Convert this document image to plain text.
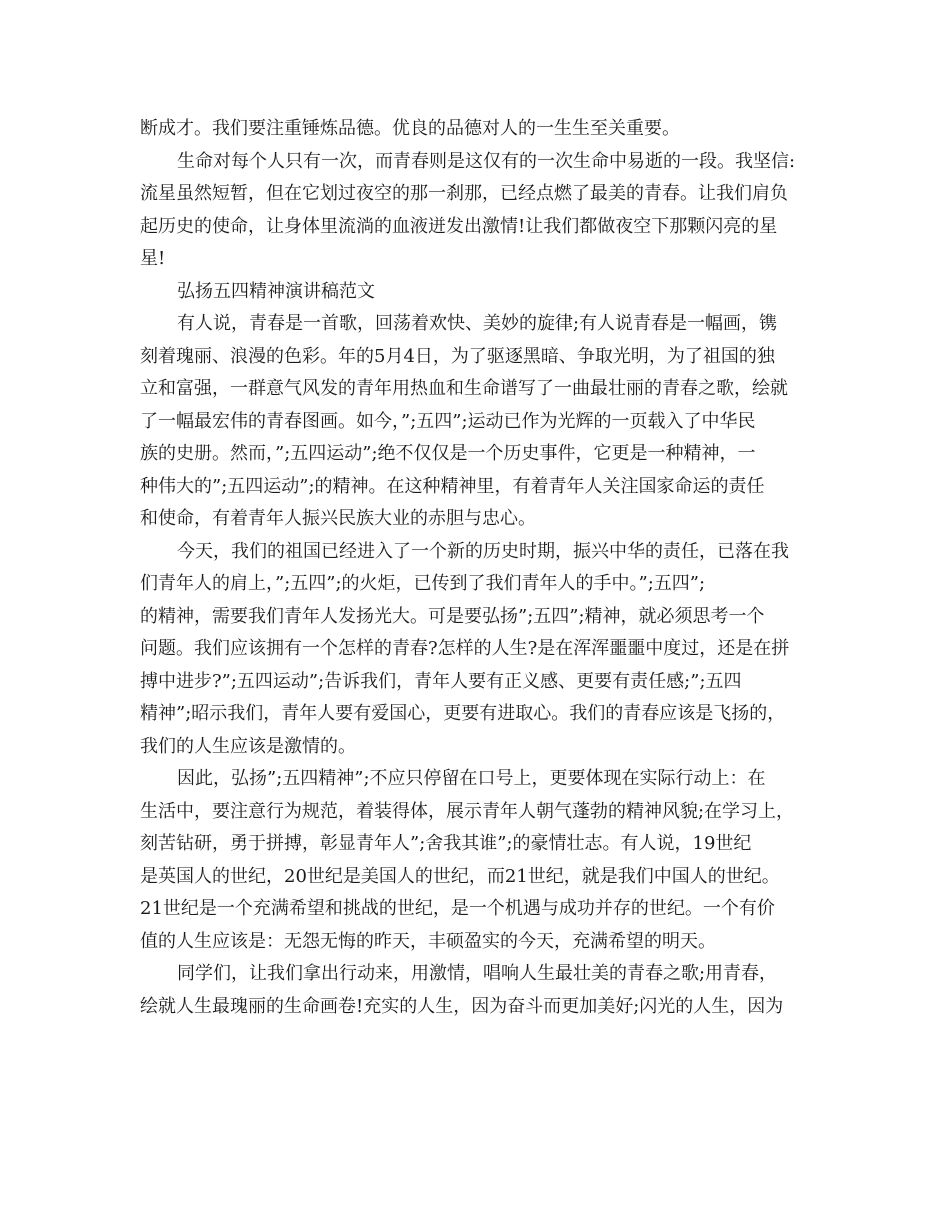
断成才。我们要注重锤炼品德。优良的品德对人的一生生至关重要。
生命对每个人只有一次，而青春则是这仅有的一次生命中易逝的一段。我坚信:
流星虽然短暂，但在它划过夜空的那一刹那，已经点燃了最美的青春。让我们肩负
起历史的使命，让身体里流淌的血液迸发出激情!让我们都做夜空下那颗闪亮的星
星!
弘扬五四精神演讲稿范文
有人说，青春是一首歌，回荡着欢快、美妙的旋律;有人说青春是一幅画，镌
刻着瑰丽、浪漫的色彩。年的5月4日，为了驱逐黑暗、争取光明，为了祖国的独
立和富强，一群意气风发的青年用热血和生命谱写了一曲最壮丽的青春之歌，绘就
了一幅最宏伟的青春图画。如今，”;五四”;运动已作为光辉的一页载入了中华民
族的史册。然而，”;五四运动”;绝不仅仅是一个历史事件，它更是一种精神，一
种伟大的”;五四运动”;的精神。在这种精神里，有着青年人关注国家命运的责任
和使命，有着青年人振兴民族大业的赤胆与忠心。
今天，我们的祖国已经进入了一个新的历史时期，振兴中华的责任，已落在我
们青年人的肩上，”;五四”;的火炬，已传到了我们青年人的手中。”;五四”;
的精神，需要我们青年人发扬光大。可是要弘扬”;五四”;精神，就必须思考一个
问题。我们应该拥有一个怎样的青春?怎样的人生?是在浑浑噩噩中度过，还是在拼
搏中进步?”;五四运动”;告诉我们，青年人要有正义感、更要有责任感;”;五四
精神”;昭示我们，青年人要有爱国心，更要有进取心。我们的青春应该是飞扬的，
我们的人生应该是激情的。
因此，弘扬”;五四精神”;不应只停留在口号上，更要体现在实际行动上：在
生活中，要注意行为规范，着装得体，展示青年人朝气蓬勃的精神风貌;在学习上，
刻苦钻研，勇于拼搏，彰显青年人”;舍我其谁”;的豪情壮志。有人说，19世纪
是英国人的世纪，20世纪是美国人的世纪，而21世纪，就是我们中国人的世纪。
21世纪是一个充满希望和挑战的世纪，是一个机遇与成功并存的世纪。一个有价
值的人生应该是：无怨无悔的昨天，丰硕盈实的今天，充满希望的明天。
同学们，让我们拿出行动来，用激情，唱响人生最壮美的青春之歌;用青春，
绘就人生最瑰丽的生命画卷!充实的人生，因为奋斗而更加美好;闪光的人生，因为
